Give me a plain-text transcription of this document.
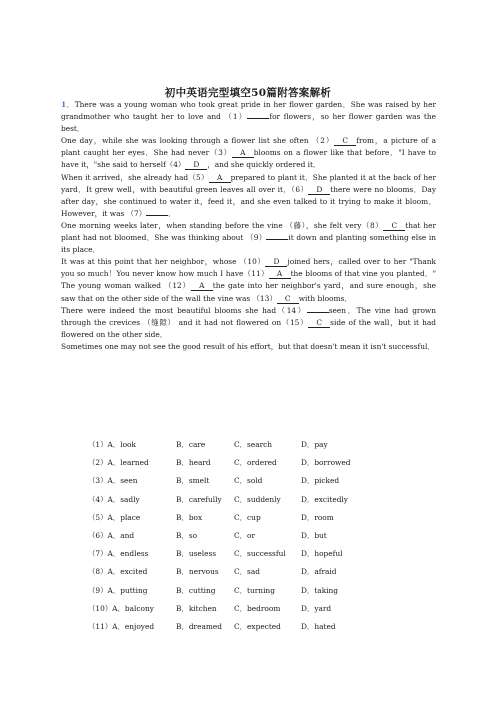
初中英语完型填空50篇附答案解析

1．There was a young woman who took great pride in her flower garden．She was raised by her grandmother who taught her to love and （1）	for flowers，so her flower garden was the best．

One day，while she was looking through a flower list she often （2） C from，a picture of a plant caught her eyes．She had never（3） A blooms on a flower like that before．"I have to have it，"she said to herself（4） D ，and she quickly ordered it．

When it arrived，she already had（5） A prepared to plant it．She planted it at the back of her yard．It grew well，with beautiful green leaves all over it．（6） D there were no blooms．Day after day，she continued to water it，feed it，and she even talked to it trying to make it bloom．However，it was （7）	．

One morning weeks later，when standing before the vine （藤），she felt very（8） C that her plant had not bloomed．She was thinking about （9）	it down and planting something else in its place．

It was at this point that her neighbor，whose （10） D joined hers，called over to her "Thank you so much！You never know how much I have（11） A the blooms of that vine you planted．" The young woman walked （12） A the gate into her neighbor's yard，and sure enough，she saw that on the other side of the wall the vine was （13） C with blooms．

There were indeed the most beautiful blooms she had（14）	seen．The vine had grown through the crevices （缝隙） and it had not flowered on（15） C side of the wall，but it had flowered on the other side．

Sometimes one may not see the good result of his effort，but that doesn't mean it isn't successful．

（1）A．look	B．care	C．search	D．pay
（2）A．learned	B．heard	C．ordered	D．borrowed
（3）A．seen	B．smelt	C．sold	D．picked
（4）A．sadly	B．carefully	C．suddenly	D．excitedly
（5）A．place	B．box	C．cup	D．room
（6）A．and	B．so	C．or	D．but
（7）A．endless	B．useless	C．successful	D．hopeful
（8）A．excited	B．nervous	C．sad	D．afraid
（9）A．putting	B．cutting	C．turning	D．taking
（10）A．balcony	B．kitchen	C．bedroom	D．yard
（11）A．enjoyed	B．dreamed	C．expected	D．hated
